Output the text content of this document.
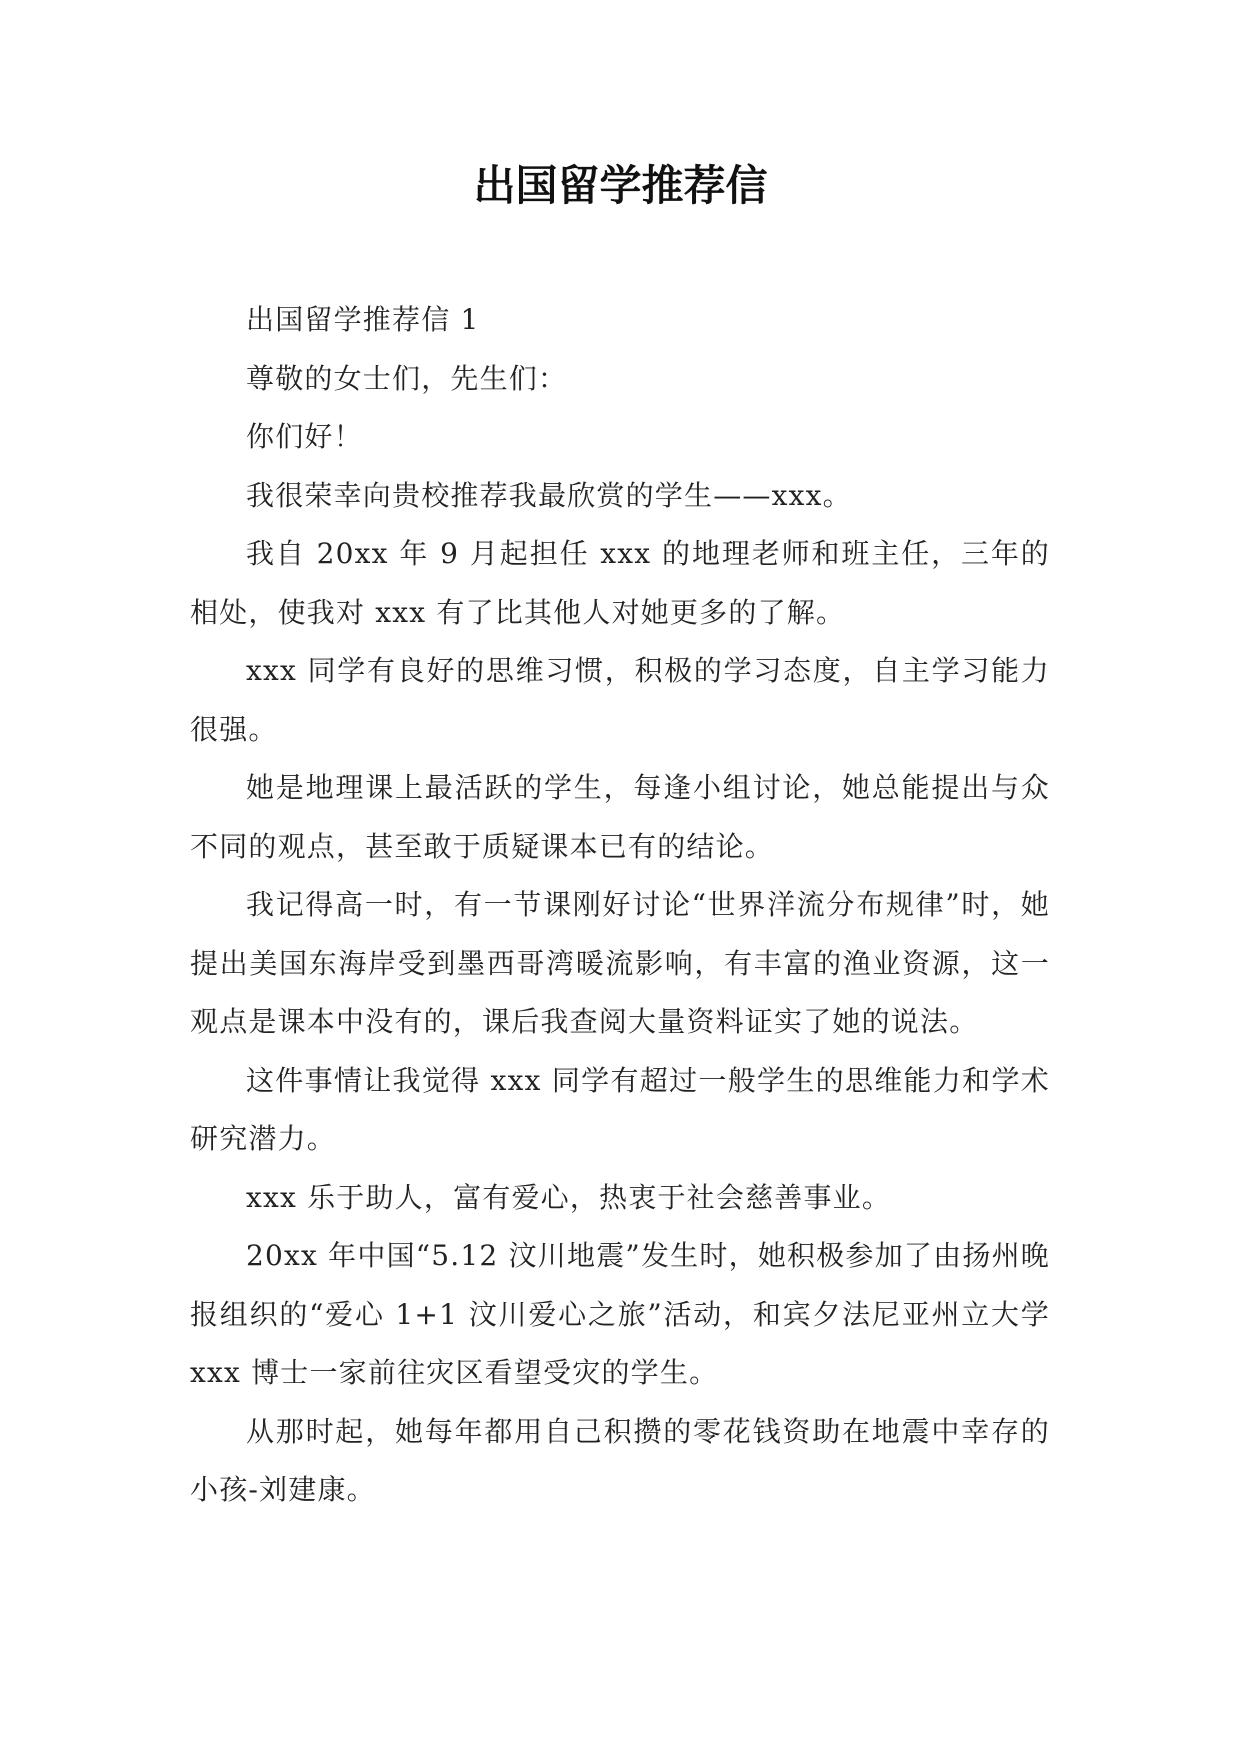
出国留学推荐信

出国留学推荐信 1

尊敬的女士们，先生们：

你们好！

我很荣幸向贵校推荐我最欣赏的学生——xxx。

我自 20xx 年 9 月起担任 xxx 的地理老师和班主任，三年的相处，使我对 xxx 有了比其他人对她更多的了解。

xxx 同学有良好的思维习惯，积极的学习态度，自主学习能力很强。

她是地理课上最活跃的学生，每逢小组讨论，她总能提出与众不同的观点，甚至敢于质疑课本已有的结论。

我记得高一时，有一节课刚好讨论“世界洋流分布规律”时，她提出美国东海岸受到墨西哥湾暖流影响，有丰富的渔业资源，这一观点是课本中没有的，课后我查阅大量资料证实了她的说法。

这件事情让我觉得 xxx 同学有超过一般学生的思维能力和学术研究潜力。

xxx 乐于助人，富有爱心，热衷于社会慈善事业。

20xx 年中国“5.12 汶川地震”发生时，她积极参加了由扬州晚报组织的“爱心 1+1 汶川爱心之旅”活动，和宾夕法尼亚州立大学 xxx 博士一家前往灾区看望受灾的学生。

从那时起，她每年都用自己积攒的零花钱资助在地震中幸存的小孩-刘建康。
